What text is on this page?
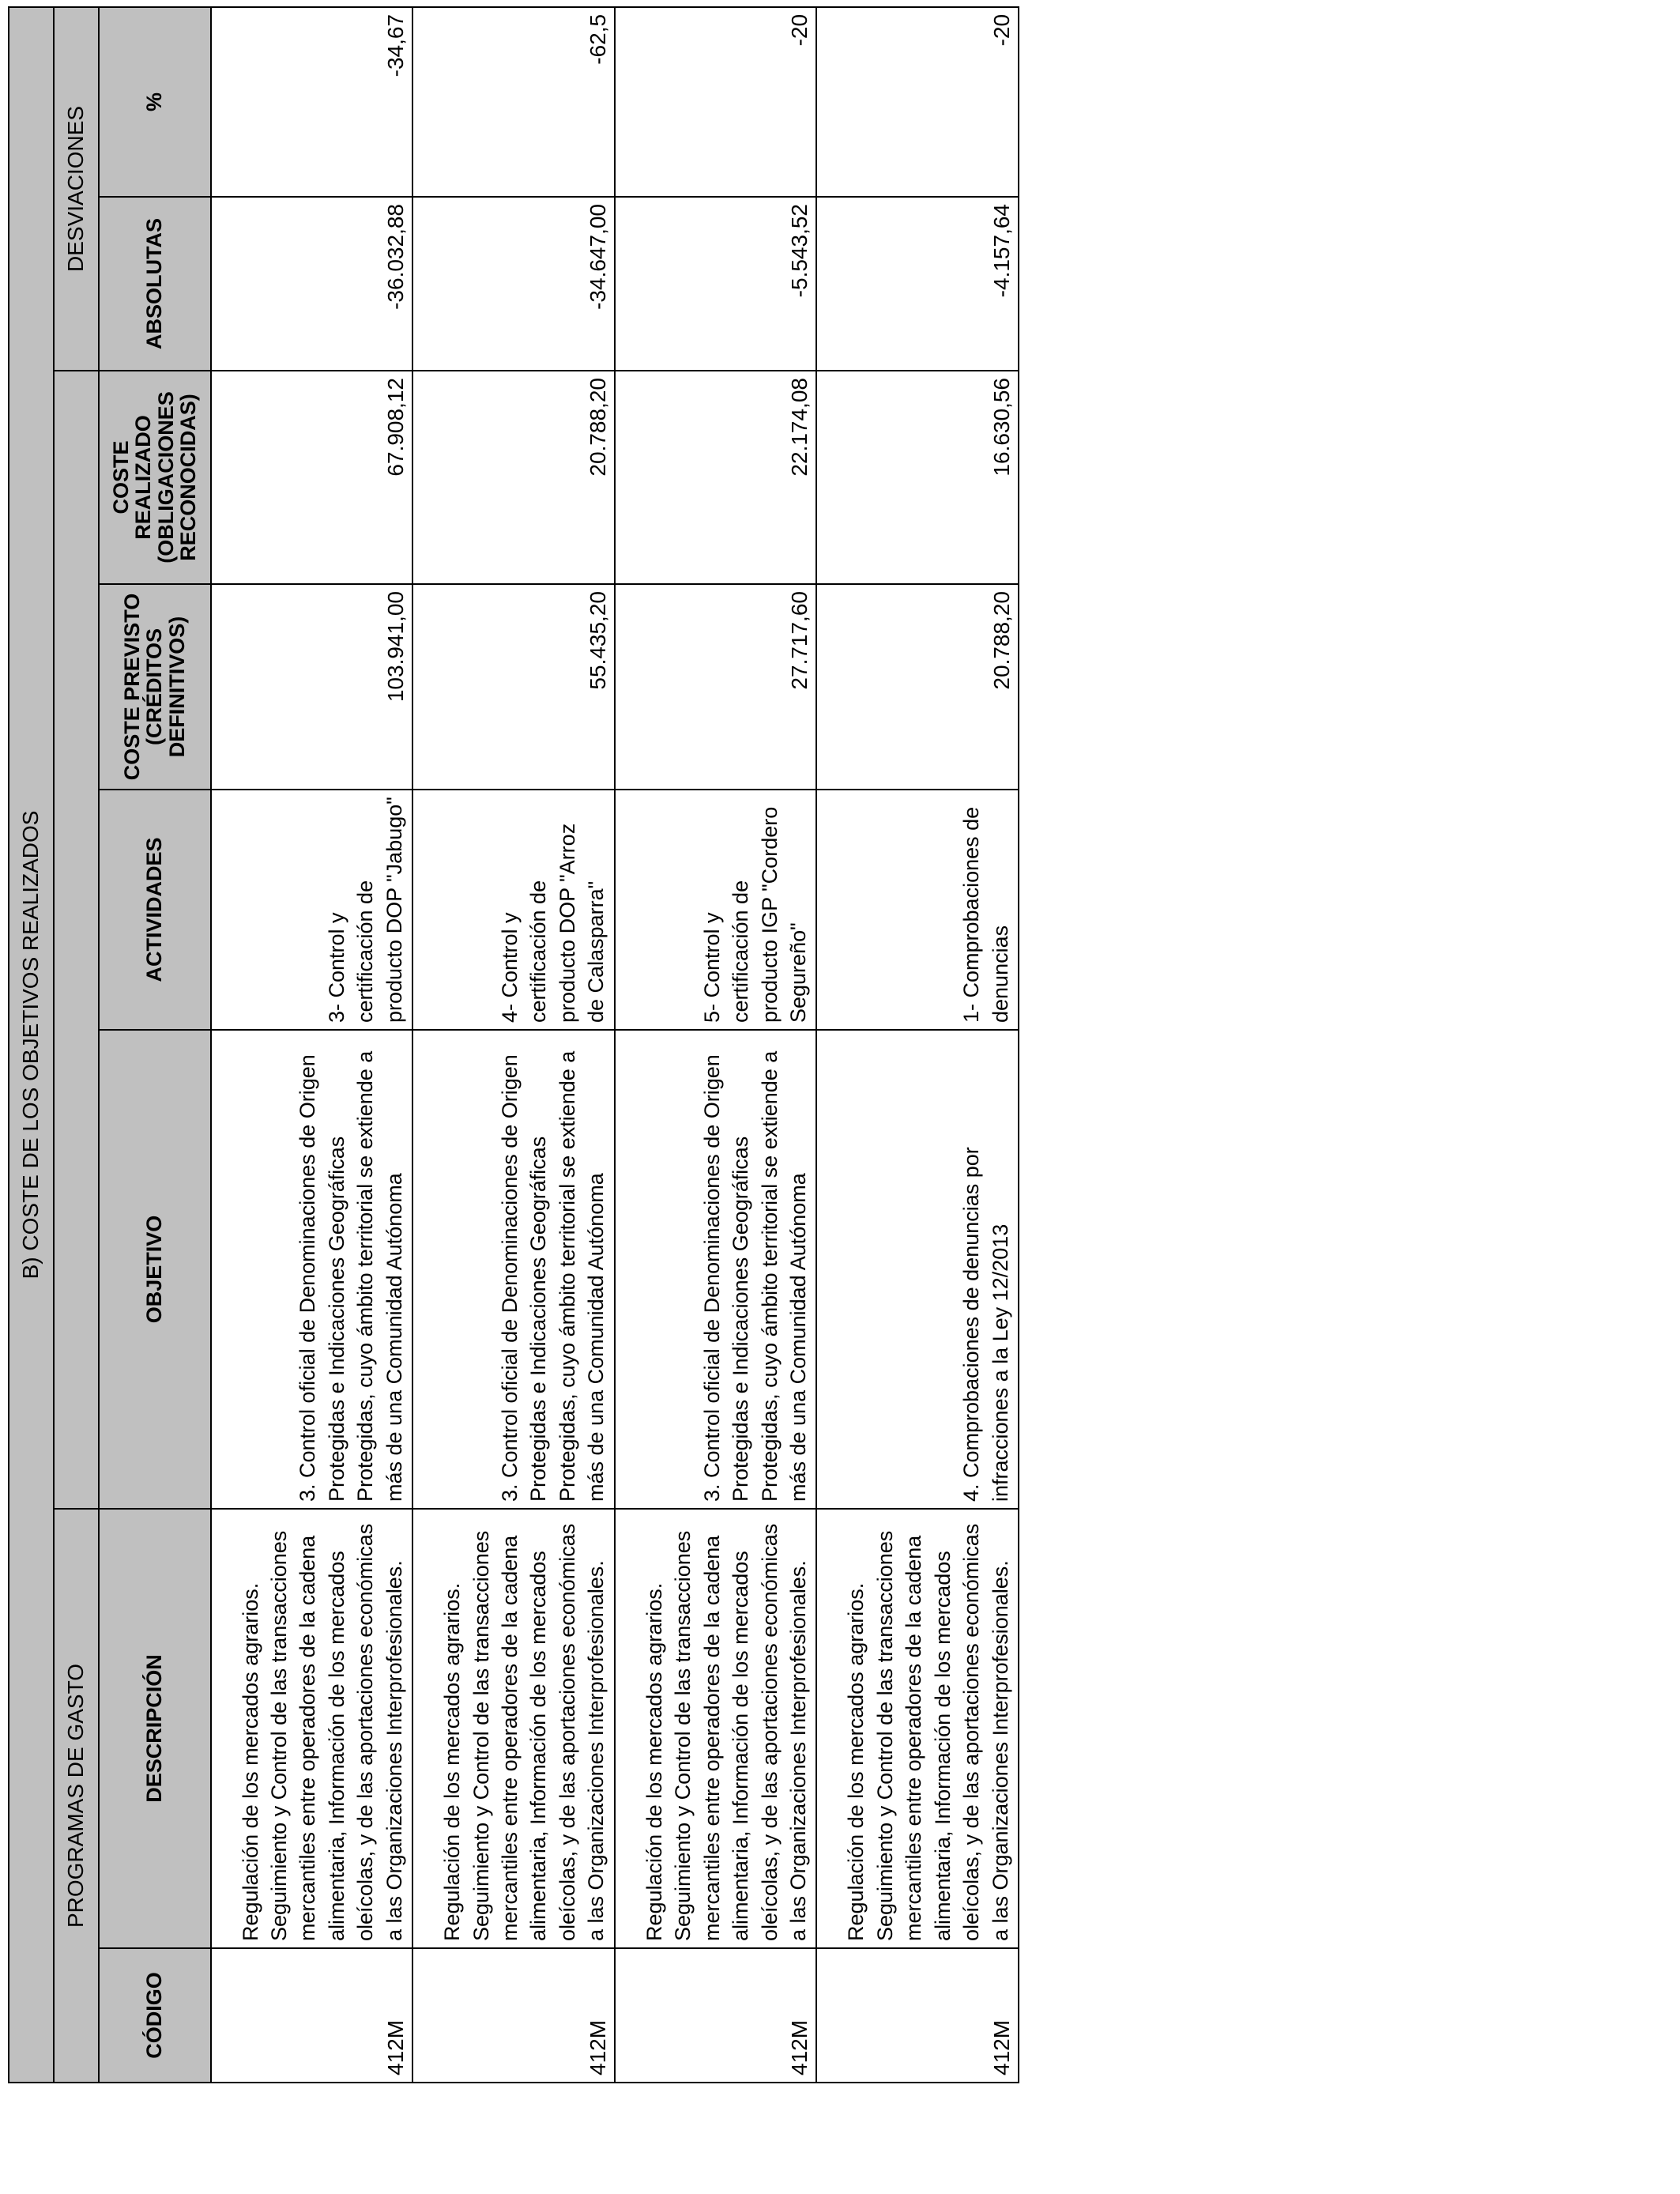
B) COSTE DE LOS OBJETIVOS REALIZADOS							
PROGRAMAS DE GASTO						DESVIACIONES	
CÓDIGO	DESCRIPCIÓN	OBJETIVO	ACTIVIDADES	COSTE PREVISTO (CRÉDITOS DEFINITIVOS)	COSTE REALIZADO (OBLIGACIONES RECONOCIDAS)	ABSOLUTAS	%
412M	Regulación de los mercados agrarios.
Seguimiento y Control de las transacciones mercantiles entre operadores de la cadena alimentaria, Información de los mercados oleícolas, y de las aportaciones económicas a las Organizaciones Interprofesionales.	3. Control oficial de Denominaciones de Origen Protegidas e Indicaciones Geográficas Protegidas, cuyo ámbito territorial se extiende a más de una Comunidad Autónoma	3- Control y certificación de producto DOP "Jabugo"	103.941,00	67.908,12	-36.032,88	-34,67
412M	Regulación de los mercados agrarios.
Seguimiento y Control de las transacciones mercantiles entre operadores de la cadena alimentaria, Información de los mercados oleícolas, y de las aportaciones económicas a las Organizaciones Interprofesionales.	3. Control oficial de Denominaciones de Origen Protegidas e Indicaciones Geográficas Protegidas, cuyo ámbito territorial se extiende a más de una Comunidad Autónoma	4- Control y certificación de producto DOP "Arroz de Calasparra"	55.435,20	20.788,20	-34.647,00	-62,5
412M	Regulación de los mercados agrarios.
Seguimiento y Control de las transacciones mercantiles entre operadores de la cadena alimentaria, Información de los mercados oleícolas, y de las aportaciones económicas a las Organizaciones Interprofesionales.	3. Control oficial de Denominaciones de Origen Protegidas e Indicaciones Geográficas Protegidas, cuyo ámbito territorial se extiende a más de una Comunidad Autónoma	5- Control y certificación de producto IGP "Cordero Segureño"	27.717,60	22.174,08	-5.543,52	-20
412M	Regulación de los mercados agrarios.
Seguimiento y Control de las transacciones mercantiles entre operadores de la cadena alimentaria, Información de los mercados oleícolas, y de las aportaciones económicas a las Organizaciones Interprofesionales.	4. Comprobaciones de denuncias por infracciones a la Ley 12/2013	1- Comprobaciones de denuncias	20.788,20	16.630,56	-4.157,64	-20
